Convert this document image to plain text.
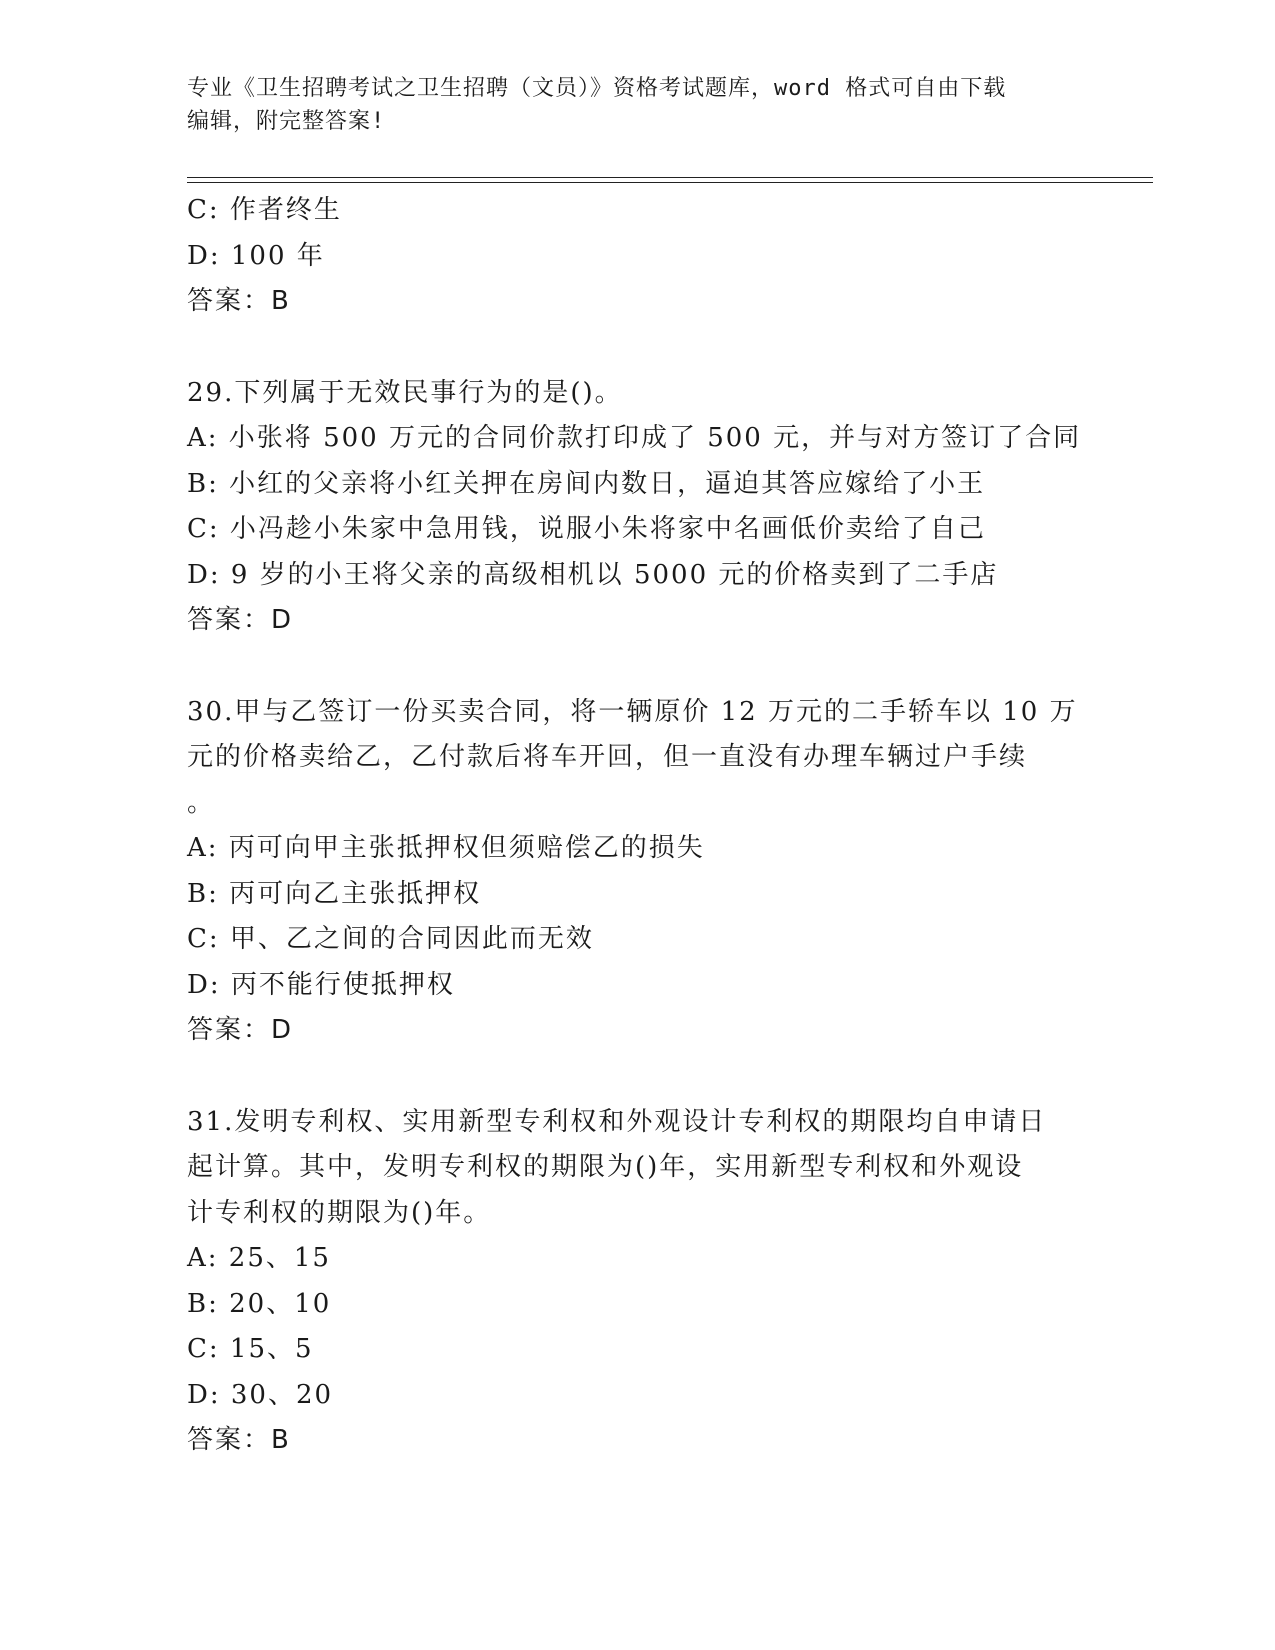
专业《卫生招聘考试之卫生招聘（文员）》资格考试题库，word 格式可自由下载
编辑，附完整答案!
C: 作者终生
D: 100 年
答案：B
29.下列属于无效民事行为的是()。
A: 小张将 500 万元的合同价款打印成了 500 元，并与对方签订了合同
B: 小红的父亲将小红关押在房间内数日，逼迫其答应嫁给了小王
C: 小冯趁小朱家中急用钱，说服小朱将家中名画低价卖给了自己
D: 9 岁的小王将父亲的高级相机以 5000 元的价格卖到了二手店
答案：D
30.甲与乙签订一份买卖合同，将一辆原价 12 万元的二手轿车以 10 万
元的价格卖给乙，乙付款后将车开回，但一直没有办理车辆过户手续
。
A: 丙可向甲主张抵押权但须赔偿乙的损失
B: 丙可向乙主张抵押权
C: 甲、乙之间的合同因此而无效
D: 丙不能行使抵押权
答案：D
31.发明专利权、实用新型专利权和外观设计专利权的期限均自申请日
起计算。其中，发明专利权的期限为()年，实用新型专利权和外观设
计专利权的期限为()年。
A: 25、15
B: 20、10
C: 15、5
D: 30、20
答案：B
